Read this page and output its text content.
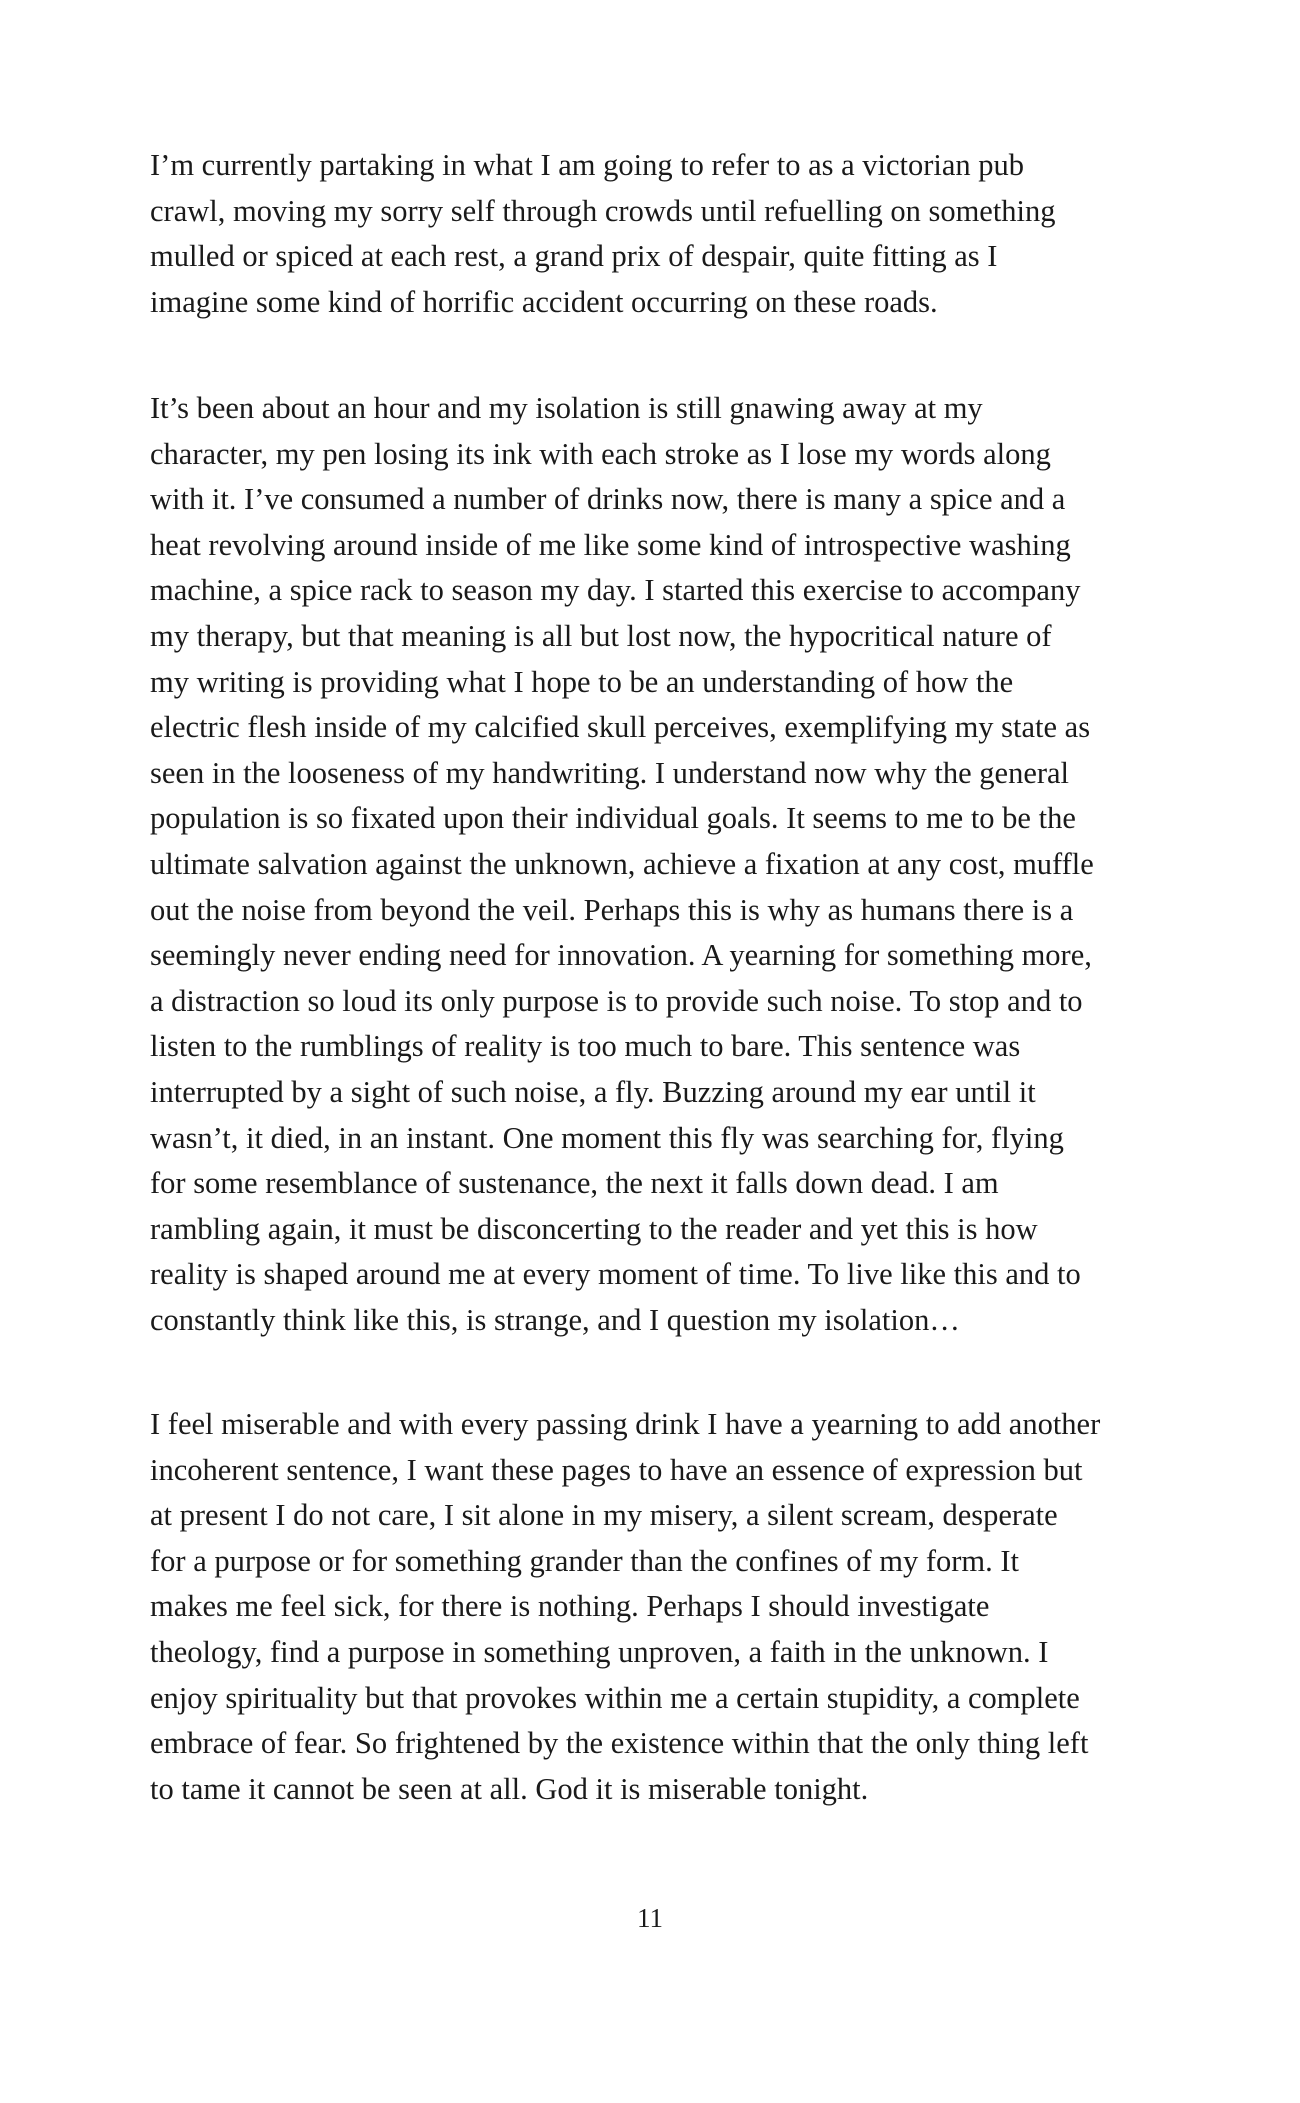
I’m currently partaking in what I am going to refer to as a victorian pub
crawl, moving my sorry self through crowds until refuelling on something
mulled or spiced at each rest, a grand prix of despair, quite fitting as I
imagine some kind of horrific accident occurring on these roads.
It’s been about an hour and my isolation is still gnawing away at my
character, my pen losing its ink with each stroke as I lose my words along
with it. I’ve consumed a number of drinks now, there is many a spice and a
heat revolving around inside of me like some kind of introspective washing
machine, a spice rack to season my day. I started this exercise to accompany
my therapy, but that meaning is all but lost now, the hypocritical nature of
my writing is providing what I hope to be an understanding of how the
electric flesh inside of my calcified skull perceives, exemplifying my state as
seen in the looseness of my handwriting. I understand now why the general
population is so fixated upon their individual goals. It seems to me to be the
ultimate salvation against the unknown, achieve a fixation at any cost, muffle
out the noise from beyond the veil. Perhaps this is why as humans there is a
seemingly never ending need for innovation. A yearning for something more,
a distraction so loud its only purpose is to provide such noise. To stop and to
listen to the rumblings of reality is too much to bare. This sentence was
interrupted by a sight of such noise, a fly. Buzzing around my ear until it
wasn’t, it died, in an instant. One moment this fly was searching for, flying
for some resemblance of sustenance, the next it falls down dead. I am
rambling again, it must be disconcerting to the reader and yet this is how
reality is shaped around me at every moment of time. To live like this and to
constantly think like this, is strange, and I question my isolation…
I feel miserable and with every passing drink I have a yearning to add another
incoherent sentence, I want these pages to have an essence of expression but
at present I do not care, I sit alone in my misery, a silent scream, desperate
for a purpose or for something grander than the confines of my form. It
makes me feel sick, for there is nothing. Perhaps I should investigate
theology, find a purpose in something unproven, a faith in the unknown. I
enjoy spirituality but that provokes within me a certain stupidity, a complete
embrace of fear. So frightened by the existence within that the only thing left
to tame it cannot be seen at all. God it is miserable tonight.
11
